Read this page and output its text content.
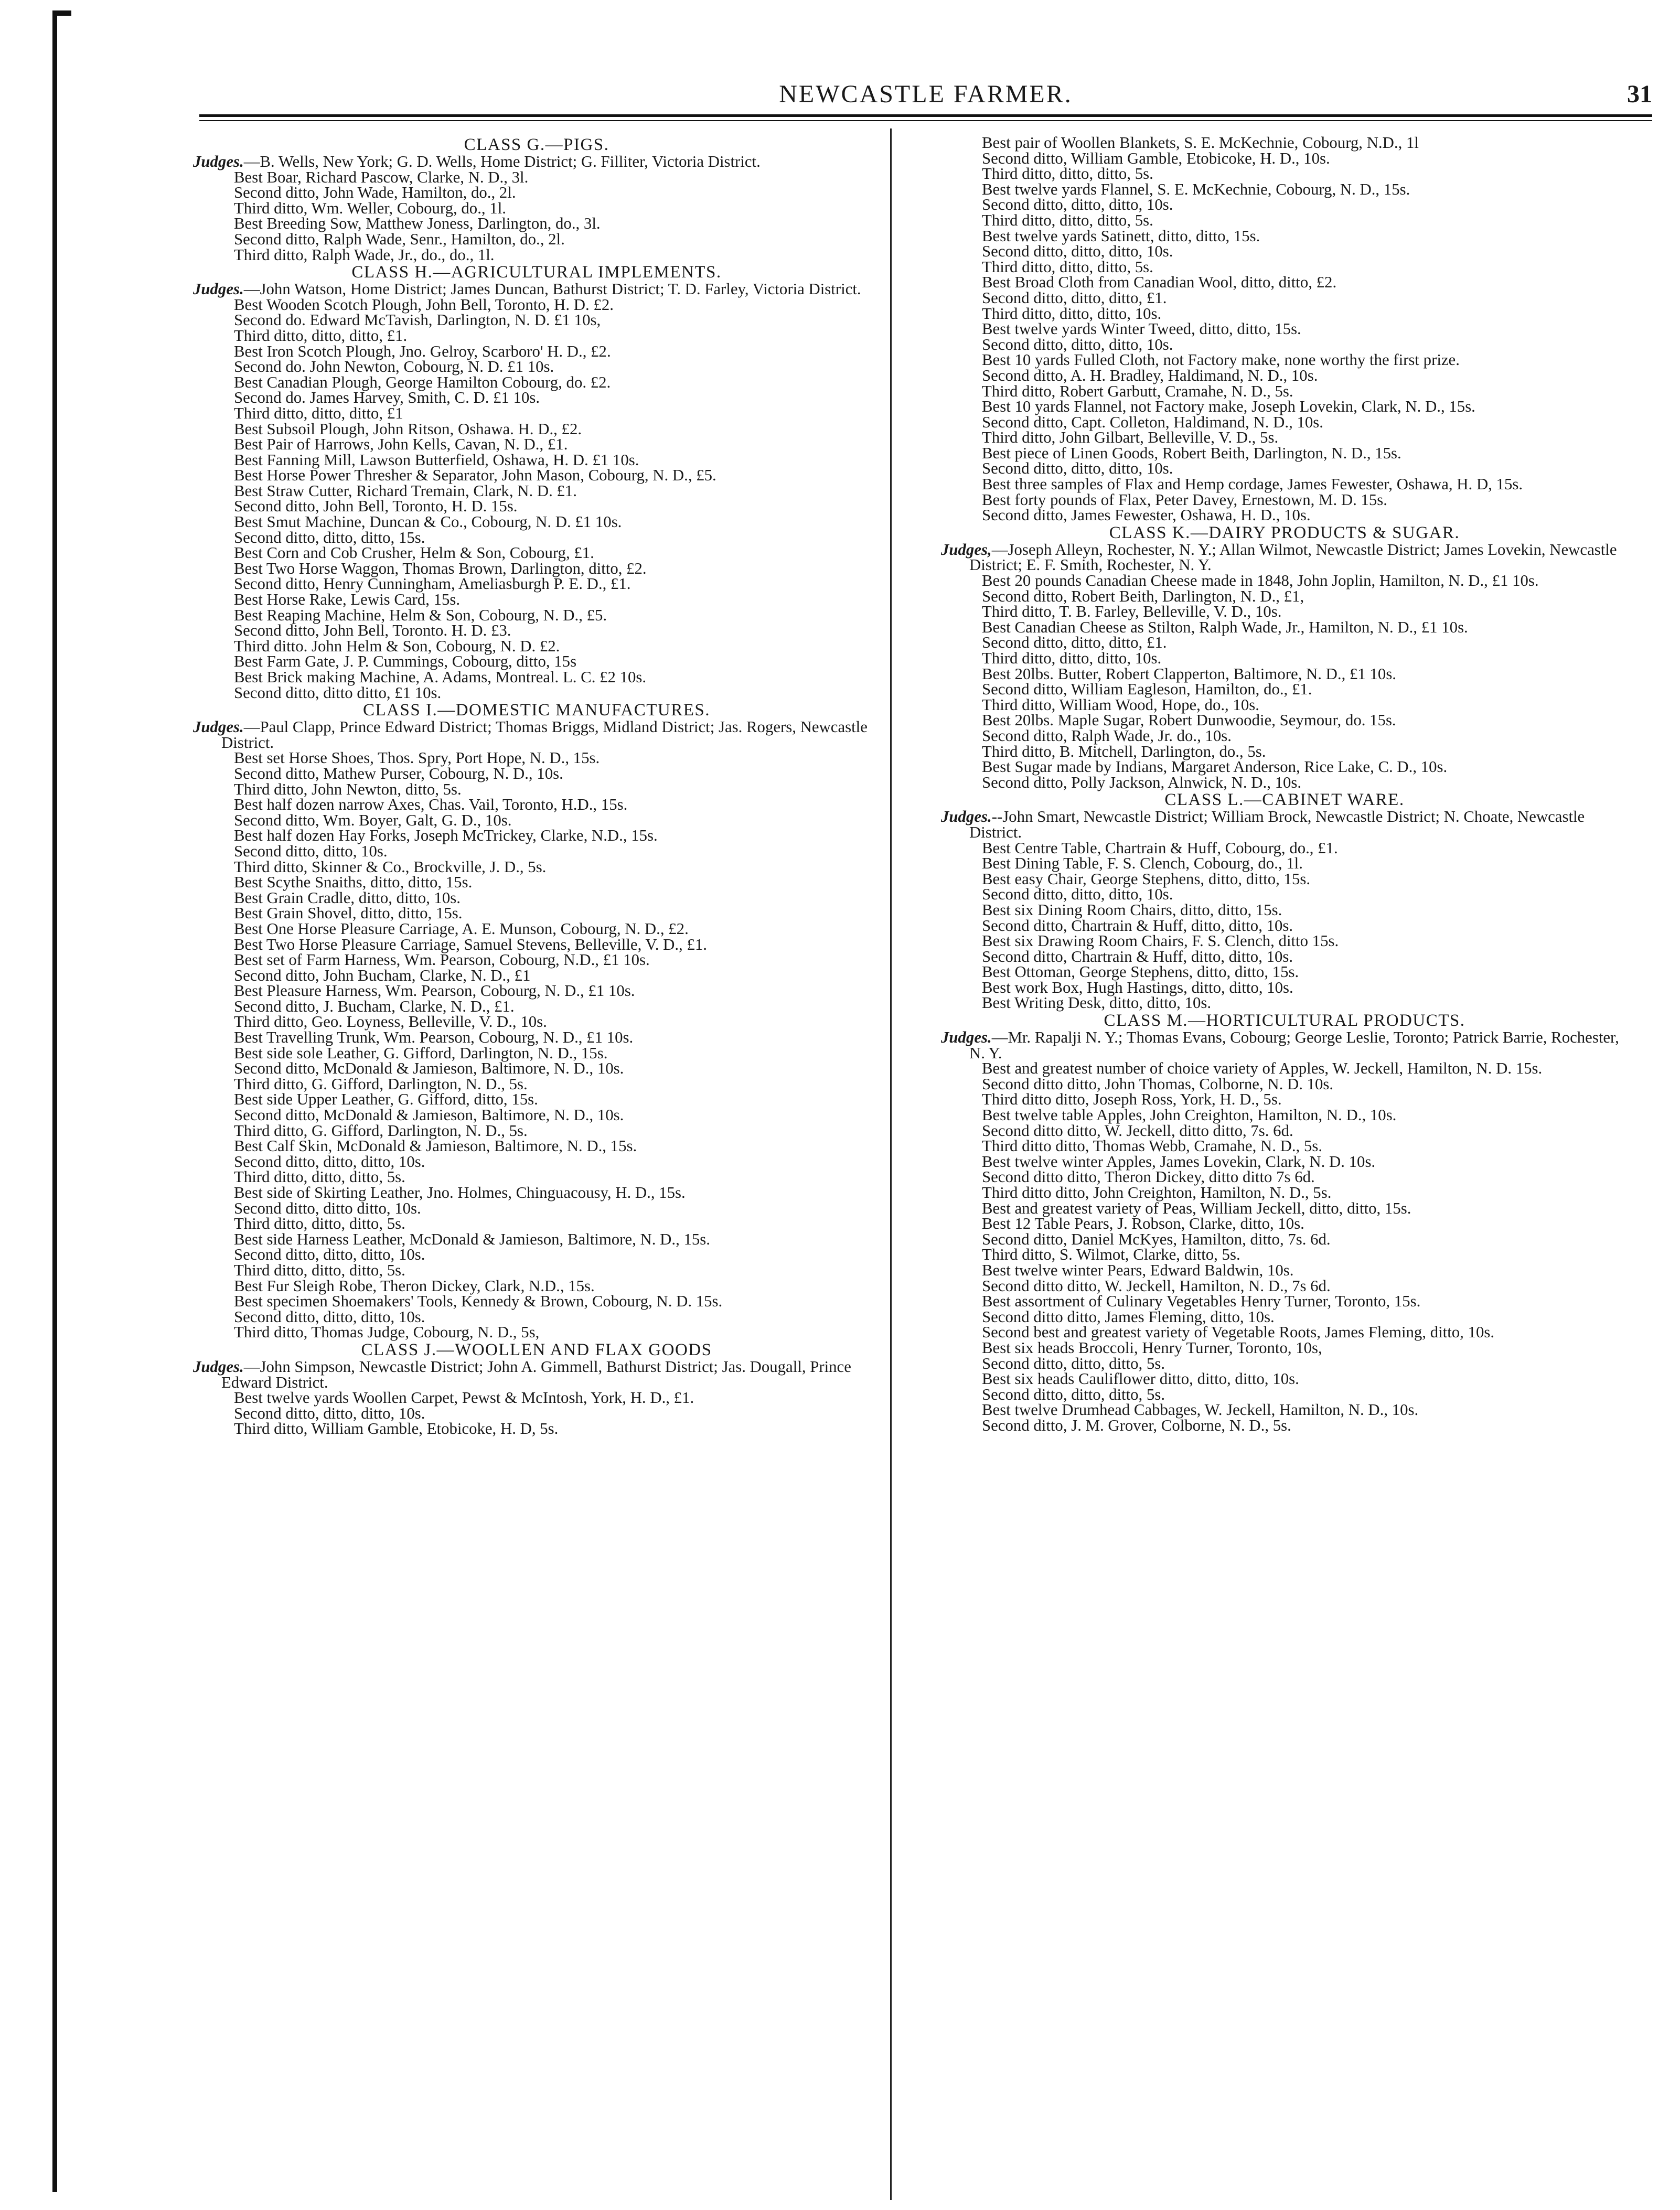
NEWCASTLE FARMER.	31

CLASS G.—PIGS.

Judges.—B. Wells, New York; G. D. Wells, Home District; G. Filliter, Victoria District.

Best Boar, Richard Pascow, Clarke, N. D., 3l.

Second ditto, John Wade, Hamilton, do., 2l.

Third ditto, Wm. Weller, Cobourg, do., 1l.

Best Breeding Sow, Matthew Joness, Darlington, do., 3l.

Second ditto, Ralph Wade, Senr., Hamilton, do., 2l.

Third ditto, Ralph Wade, Jr., do., do., 1l.

CLASS H.—AGRICULTURAL IMPLEMENTS.

Judges.—John Watson, Home District; James Duncan, Bathurst District; T. D. Farley, Victoria District.

Best Wooden Scotch Plough, John Bell, Toronto, H. D. £2.

Second do. Edward McTavish, Darlington, N. D. £1 10s,

Third ditto, ditto, ditto, £1.

Best Iron Scotch Plough, Jno. Gelroy, Scarboro' H. D., £2.

Second do. John Newton, Cobourg, N. D. £1 10s.

Best Canadian Plough, George Hamilton Cobourg, do. £2.

Second do. James Harvey, Smith, C. D. £1 10s.

Third ditto, ditto, ditto, £1

Best Subsoil Plough, John Ritson, Oshawa. H. D., £2.

Best Pair of Harrows, John Kells, Cavan, N. D., £1.

Best Fanning Mill, Lawson Butterfield, Oshawa, H. D. £1 10s.

Best Horse Power Thresher & Separator, John Mason, Cobourg, N. D., £5.

Best Straw Cutter, Richard Tremain, Clark, N. D. £1.

Second ditto, John Bell, Toronto, H. D. 15s.

Best Smut Machine, Duncan & Co., Cobourg, N. D. £1 10s.

Second ditto, ditto, ditto, 15s.

Best Corn and Cob Crusher, Helm & Son, Cobourg, £1.

Best Two Horse Waggon, Thomas Brown, Darlington, ditto, £2.

Second ditto, Henry Cunningham, Ameliasburgh P. E. D., £1.

Best Horse Rake, Lewis Card, 15s.

Best Reaping Machine, Helm & Son, Cobourg, N. D., £5.

Second ditto, John Bell, Toronto. H. D. £3.

Third ditto. John Helm & Son, Cobourg, N. D. £2.

Best Farm Gate, J. P. Cummings, Cobourg, ditto, 15s

Best Brick making Machine, A. Adams, Montreal. L. C. £2 10s.

Second ditto, ditto ditto, £1 10s.

CLASS I.—DOMESTIC MANUFACTURES.

Judges.—Paul Clapp, Prince Edward District; Thomas Briggs, Midland District; Jas. Rogers, Newcastle District.

Best set Horse Shoes, Thos. Spry, Port Hope, N. D., 15s.

Second ditto, Mathew Purser, Cobourg, N. D., 10s.

Third ditto, John Newton, ditto, 5s.

Best half dozen narrow Axes, Chas. Vail, Toronto, H.D., 15s.

Second ditto, Wm. Boyer, Galt, G. D., 10s.

Best half dozen Hay Forks, Joseph McTrickey, Clarke, N.D., 15s.

Second ditto, ditto, 10s.

Third ditto, Skinner & Co., Brockville, J. D., 5s.

Best Scythe Snaiths, ditto, ditto, 15s.

Best Grain Cradle, ditto, ditto, 10s.

Best Grain Shovel, ditto, ditto, 15s.

Best One Horse Pleasure Carriage, A. E. Munson, Cobourg, N. D., £2.

Best Two Horse Pleasure Carriage, Samuel Stevens, Belleville, V. D., £1.

Best set of Farm Harness, Wm. Pearson, Cobourg, N.D., £1 10s.

Second ditto, John Bucham, Clarke, N. D., £1

Best Pleasure Harness, Wm. Pearson, Cobourg, N. D., £1 10s.

Second ditto, J. Bucham, Clarke, N. D., £1.

Third ditto, Geo. Loyness, Belleville, V. D., 10s.

Best Travelling Trunk, Wm. Pearson, Cobourg, N. D., £1 10s.

Best side sole Leather, G. Gifford, Darlington, N. D., 15s.

Second ditto, McDonald & Jamieson, Baltimore, N. D., 10s.

Third ditto, G. Gifford, Darlington, N. D., 5s.

Best side Upper Leather, G. Gifford, ditto, 15s.

Second ditto, McDonald & Jamieson, Baltimore, N. D., 10s.

Third ditto, G. Gifford, Darlington, N. D., 5s.

Best Calf Skin, McDonald & Jamieson, Baltimore, N. D., 15s.

Second ditto, ditto, ditto, 10s.

Third ditto, ditto, ditto, 5s.

Best side of Skirting Leather, Jno. Holmes, Chinguacousy, H. D., 15s.

Second ditto, ditto ditto, 10s.

Third ditto, ditto, ditto, 5s.

Best side Harness Leather, McDonald & Jamieson, Baltimore, N. D., 15s.

Second ditto, ditto, ditto, 10s.

Third ditto, ditto, ditto, 5s.

Best Fur Sleigh Robe, Theron Dickey, Clark, N.D., 15s.

Best specimen Shoemakers' Tools, Kennedy & Brown, Cobourg, N. D. 15s.

Second ditto, ditto, ditto, 10s.

Third ditto, Thomas Judge, Cobourg, N. D., 5s,

CLASS J.—WOOLLEN AND FLAX GOODS

Judges.—John Simpson, Newcastle District; John A. Gimmell, Bathurst District; Jas. Dougall, Prince Edward District.

Best twelve yards Woollen Carpet, Pewst & McIntosh, York, H. D., £1.

Second ditto, ditto, ditto, 10s.

Third ditto, William Gamble, Etobicoke, H. D, 5s.

Best pair of Woollen Blankets, S. E. McKechnie, Cobourg, N.D., 1l

Second ditto, William Gamble, Etobicoke, H. D., 10s.

Third ditto, ditto, ditto, 5s.

Best twelve yards Flannel, S. E. McKechnie, Cobourg, N. D., 15s.

Second ditto, ditto, ditto, 10s.

Third ditto, ditto, ditto, 5s.

Best twelve yards Satinett, ditto, ditto, 15s.

Second ditto, ditto, ditto, 10s.

Third ditto, ditto, ditto, 5s.

Best Broad Cloth from Canadian Wool, ditto, ditto, £2.

Second ditto, ditto, ditto, £1.

Third ditto, ditto, ditto, 10s.

Best twelve yards Winter Tweed, ditto, ditto, 15s.

Second ditto, ditto, ditto, 10s.

Best 10 yards Fulled Cloth, not Factory make, none worthy the first prize.

Second ditto, A. H. Bradley, Haldimand, N. D., 10s.

Third ditto, Robert Garbutt, Cramahe, N. D., 5s.

Best 10 yards Flannel, not Factory make, Joseph Lovekin, Clark, N. D., 15s.

Second ditto, Capt. Colleton, Haldimand, N. D., 10s.

Third ditto, John Gilbart, Belleville, V. D., 5s.

Best piece of Linen Goods, Robert Beith, Darlington, N. D., 15s.

Second ditto, ditto, ditto, 10s.

Best three samples of Flax and Hemp cordage, James Fewester, Oshawa, H. D, 15s.

Best forty pounds of Flax, Peter Davey, Ernestown, M. D. 15s.

Second ditto, James Fewester, Oshawa, H. D., 10s.

CLASS K.—DAIRY PRODUCTS & SUGAR.

Judges,—Joseph Alleyn, Rochester, N. Y.; Allan Wilmot, Newcastle District; James Lovekin, Newcastle District; E. F. Smith, Rochester, N. Y.

Best 20 pounds Canadian Cheese made in 1848, John Joplin, Hamilton, N. D., £1 10s.

Second ditto, Robert Beith, Darlington, N. D., £1,

Third ditto, T. B. Farley, Belleville, V. D., 10s.

Best Canadian Cheese as Stilton, Ralph Wade, Jr., Hamilton, N. D., £1 10s.

Second ditto, ditto, ditto, £1.

Third ditto, ditto, ditto, 10s.

Best 20lbs. Butter, Robert Clapperton, Baltimore, N. D., £1 10s.

Second ditto, William Eagleson, Hamilton, do., £1.

Third ditto, William Wood, Hope, do., 10s.

Best 20lbs. Maple Sugar, Robert Dunwoodie, Seymour, do. 15s.

Second ditto, Ralph Wade, Jr. do., 10s.

Third ditto, B. Mitchell, Darlington, do., 5s.

Best Sugar made by Indians, Margaret Anderson, Rice Lake, C. D., 10s.

Second ditto, Polly Jackson, Alnwick, N. D., 10s.

CLASS L.—CABINET WARE.

Judges.--John Smart, Newcastle District; William Brock, Newcastle District; N. Choate, Newcastle District.

Best Centre Table, Chartrain & Huff, Cobourg, do., £1.

Best Dining Table, F. S. Clench, Cobourg, do., 1l.

Best easy Chair, George Stephens, ditto, ditto, 15s.

Second ditto, ditto, ditto, 10s.

Best six Dining Room Chairs, ditto, ditto, 15s.

Second ditto, Chartrain & Huff, ditto, ditto, 10s.

Best six Drawing Room Chairs, F. S. Clench, ditto 15s.

Second ditto, Chartrain & Huff, ditto, ditto, 10s.

Best Ottoman, George Stephens, ditto, ditto, 15s.

Best work Box, Hugh Hastings, ditto, ditto, 10s.

Best Writing Desk, ditto, ditto, 10s.

CLASS M.—HORTICULTURAL PRODUCTS.

Judges.—Mr. Rapalji N. Y.; Thomas Evans, Cobourg; George Leslie, Toronto; Patrick Barrie, Rochester, N. Y.

Best and greatest number of choice variety of Apples, W. Jeckell, Hamilton, N. D. 15s.

Second ditto ditto, John Thomas, Colborne, N. D. 10s.

Third ditto ditto, Joseph Ross, York, H. D., 5s.

Best twelve table Apples, John Creighton, Hamilton, N. D., 10s.

Second ditto ditto, W. Jeckell, ditto ditto, 7s. 6d.

Third ditto ditto, Thomas Webb, Cramahe, N. D., 5s.

Best twelve winter Apples, James Lovekin, Clark, N. D. 10s.

Second ditto ditto, Theron Dickey, ditto ditto 7s 6d.

Third ditto ditto, John Creighton, Hamilton, N. D., 5s.

Best and greatest variety of Peas, William Jeckell, ditto, ditto, 15s.

Best 12 Table Pears, J. Robson, Clarke, ditto, 10s.

Second ditto, Daniel McKyes, Hamilton, ditto, 7s. 6d.

Third ditto, S. Wilmot, Clarke, ditto, 5s.

Best twelve winter Pears, Edward Baldwin, 10s.

Second ditto ditto, W. Jeckell, Hamilton, N. D., 7s 6d.

Best assortment of Culinary Vegetables Henry Turner, Toronto, 15s.

Second ditto ditto, James Fleming, ditto, 10s.

Second best and greatest variety of Vegetable Roots, James Fleming, ditto, 10s.

Best six heads Broccoli, Henry Turner, Toronto, 10s,

Second ditto, ditto, ditto, 5s.

Best six heads Cauliflower ditto, ditto, ditto, 10s.

Second ditto, ditto, ditto, 5s.

Best twelve Drumhead Cabbages, W. Jeckell, Hamilton, N. D., 10s.

Second ditto, J. M. Grover, Colborne, N. D., 5s.
